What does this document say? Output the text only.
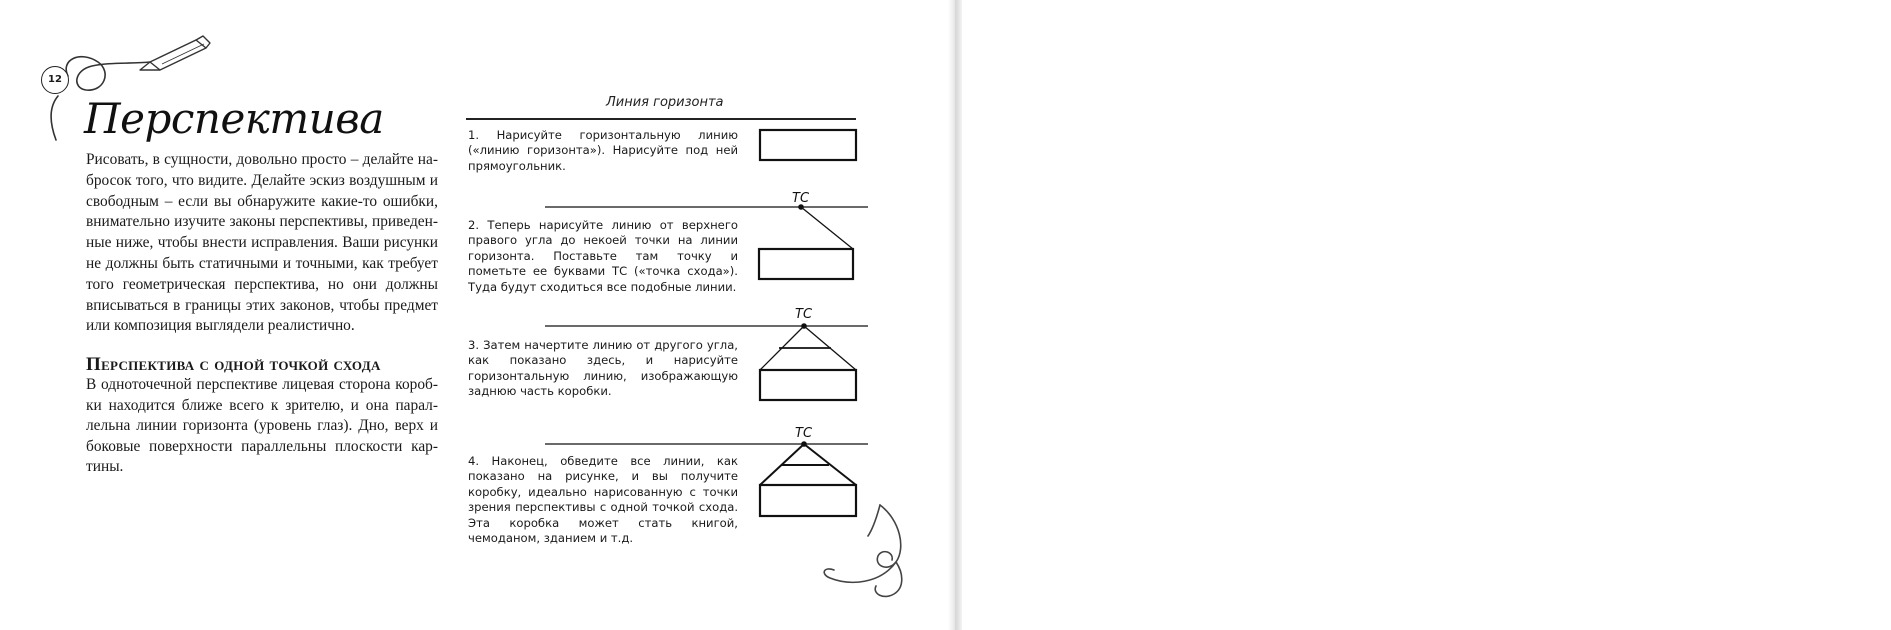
ТС
ТС
ТС
12
Перспектива
Рисовать, в сущности, довольно просто – делайте набросок того, что видите. Делайте эскиз воздушным и свободным – если вы обнаружите какие-то ошибки, внимательно изучите законы перспективы, приведенные ниже, чтобы внести исправления. Ваши рисунки не должны быть статичными и точными, как требует того геометрическая перспектива, но они должны вписываться в границы этих законов, чтобы предмет или композиция выглядели реалистично.
Перспектива с одной точкой схода
В одноточечной перспективе лицевая сторона коробки находится ближе всего к зрителю, и она параллельна линии горизонта (уровень глаз). Дно, верх и боковые поверхности параллельны плоскости картины.
Линия горизонта
1. Нарисуйте горизонтальную линию («линию горизонта»). Нарисуйте под ней прямоугольник.
2. Теперь нарисуйте линию от верхнего правого угла до некоей точки на линии горизонта. Поставьте там точку и пометьте ее буквами ТС («точка схода»). Туда будут сходиться все подобные линии.
3. Затем начертите линию от другого угла, как показано здесь, и нарисуйте горизонтальную линию, изображающую заднюю часть коробки.
4. Наконец, обведите все линии, как показано на рисунке, и вы получите коробку, идеально нарисованную с точки зрения перспективы с одной точкой схода. Эта коробка может стать книгой, чемоданом, зданием и т.д.
